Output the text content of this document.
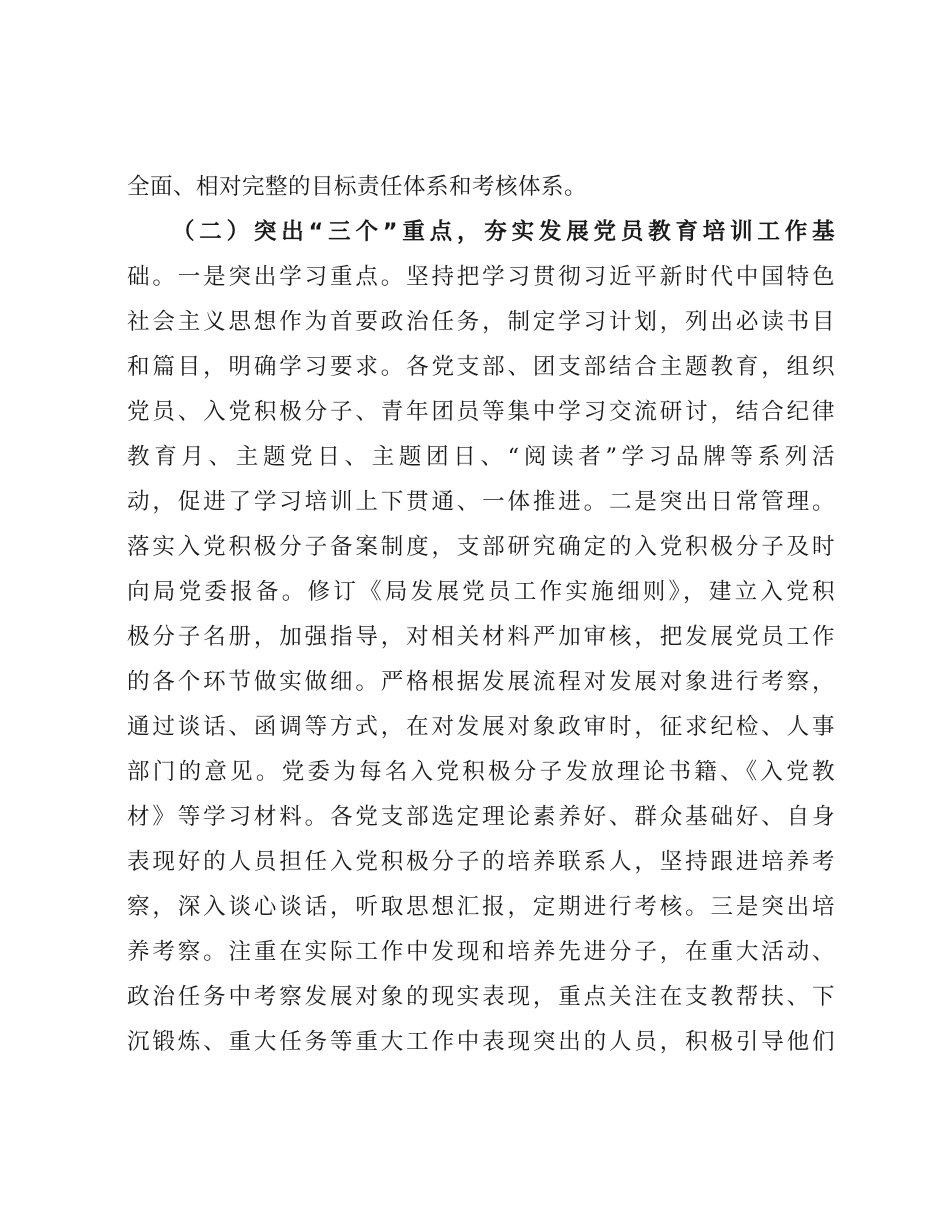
全面、相对完整的目标责任体系和考核体系。
（二）突出“三个”重点，夯实发展党员教育培训工作基
础。一是突出学习重点。坚持把学习贯彻习近平新时代中国特色
社会主义思想作为首要政治任务，制定学习计划，列出必读书目
和篇目，明确学习要求。各党支部、团支部结合主题教育，组织
党员、入党积极分子、青年团员等集中学习交流研讨，结合纪律
教育月、主题党日、主题团日、“阅读者”学习品牌等系列活
动，促进了学习培训上下贯通、一体推进。二是突出日常管理。
落实入党积极分子备案制度，支部研究确定的入党积极分子及时
向局党委报备。修订《局发展党员工作实施细则》，建立入党积
极分子名册，加强指导，对相关材料严加审核，把发展党员工作
的各个环节做实做细。严格根据发展流程对发展对象进行考察，
通过谈话、函调等方式，在对发展对象政审时，征求纪检、人事
部门的意见。党委为每名入党积极分子发放理论书籍、《入党教
材》等学习材料。各党支部选定理论素养好、群众基础好、自身
表现好的人员担任入党积极分子的培养联系人，坚持跟进培养考
察，深入谈心谈话，听取思想汇报，定期进行考核。三是突出培
养考察。注重在实际工作中发现和培养先进分子，在重大活动、
政治任务中考察发展对象的现实表现，重点关注在支教帮扶、下
沉锻炼、重大任务等重大工作中表现突出的人员，积极引导他们
